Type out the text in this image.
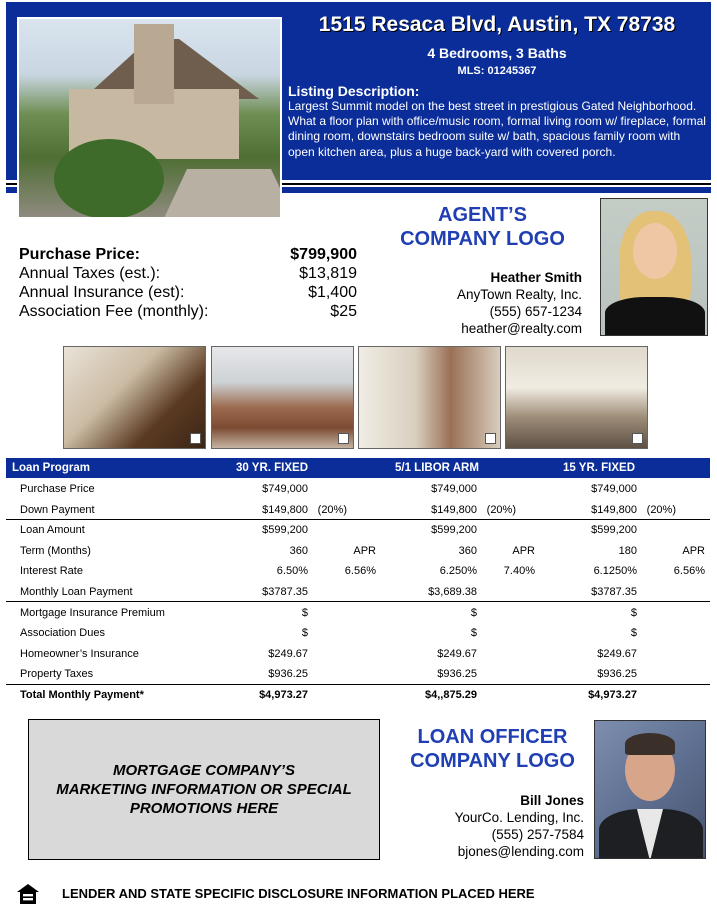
1515 Resaca Blvd, Austin, TX 78738
4 Bedrooms, 3 Baths
MLS: 01245367
Listing Description:
Largest Summit model on the best street in prestigious Gated Neighborhood. What a floor plan with office/music room, formal living room w/ fireplace, formal dining room, downstairs bedroom suite w/ bath, spacious family room with open kitchen area, plus a huge back-yard with covered porch.
AGENT’S
COMPANY LOGO
Heather Smith
AnyTown Realty, Inc.
(555) 657-1234
heather@realty.com
Purchase Price:	$799,900
Annual Taxes (est.):	$13,819
Annual Insurance (est):	$1,400
Association Fee (monthly):	$25
Loan Program	30 YR. FIXED	5/1 LIBOR ARM	15 YR. FIXED
Purchase Price	$749,000	$749,000	$749,000
Down Payment	$149,800 (20%)	$149,800 (20%)	$149,800 (20%)
Loan Amount	$599,200	$599,200	$599,200
Term (Months)	360	APR	360	APR	180	APR
Interest Rate	6.50%	6.56%	6.250% 7.40%	6.1250%	6.56%
Monthly Loan Payment	$3787.35	$3,689.38	$3787.35
Mortgage Insurance Premium	$	$	$
Association Dues	$	$	$
Homeowner’s Insurance	$249.67	$249.67	$249.67
Property Taxes	$936.25	$936.25	$936.25
Total Monthly Payment*	$4,973.27	$4,,875.29	$4,973.27
MORTGAGE COMPANY’S
MARKETING INFORMATION OR SPECIAL
PROMOTIONS HERE
LOAN OFFICER
COMPANY LOGO
Bill Jones
YourCo. Lending, Inc.
(555) 257-7584
bjones@lending.com
LENDER AND STATE SPECIFIC DISCLOSURE INFORMATION PLACED HERE
